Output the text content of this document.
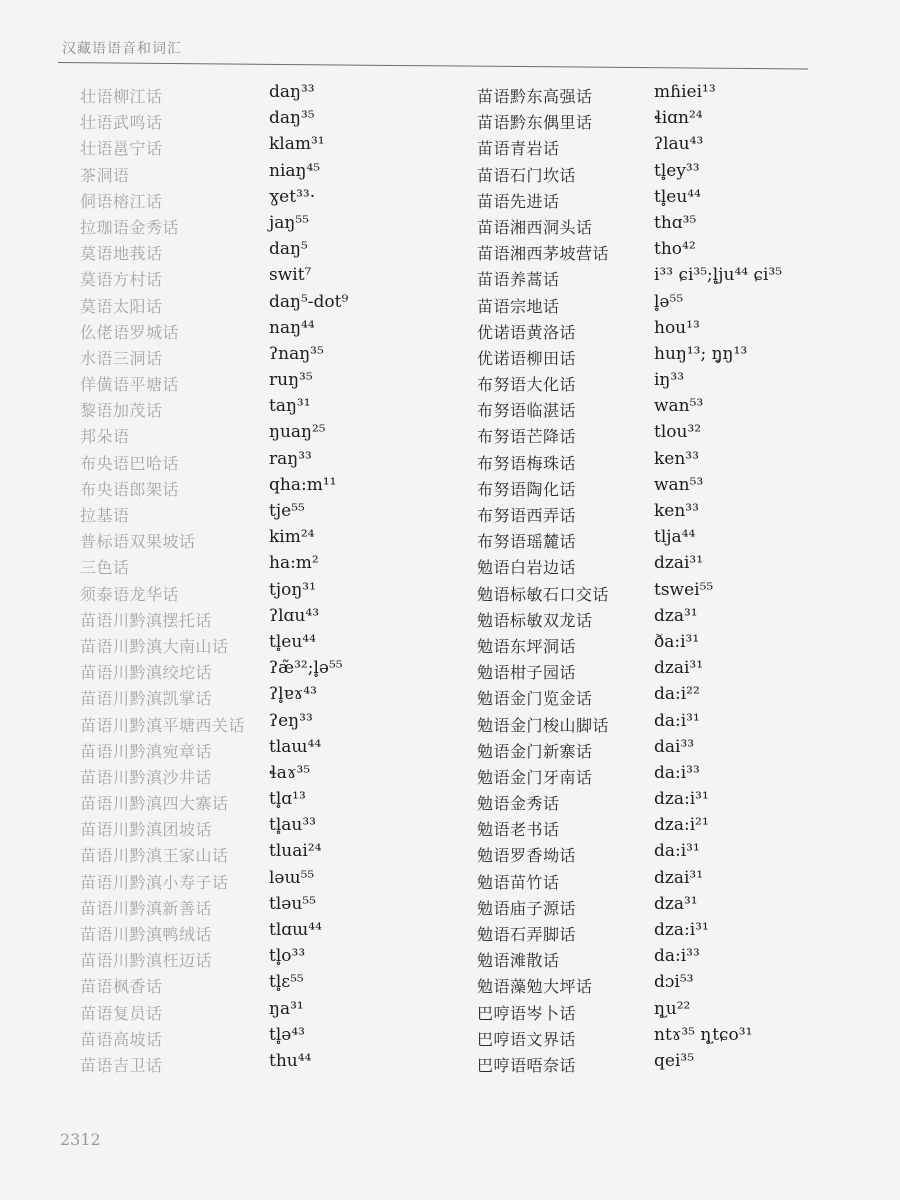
汉藏语语音和词汇
壮语柳江话	daŋ³³
壮语武鸣话	daŋ³⁵
壮语邕宁话	klam³¹
茶洞语	niaŋ⁴⁵
侗语榕江话	ɣet³³·
拉珈语金秀话	jaŋ⁵⁵
莫语地莪话	daŋ⁵
莫语方村话	swit⁷
莫语太阳话	daŋ⁵-dot⁹
仫佬语罗城话	naŋ⁴⁴
水语三洞话	ʔnaŋ³⁵
佯僙语平塘话	ruŋ³⁵
黎语加茂话	taŋ³¹
邦朵语	ŋuaŋ²⁵
布央语巴哈话	raŋ³³
布央语郎架话	qha:m¹¹
拉基语	tje⁵⁵
普标语双果坡话	kim²⁴
三色话	ha:m²
须泰语龙华话	tjoŋ³¹
苗语川黔滇摆托话	ʔlɑu⁴³
苗语川黔滇大南山话 tl̥eu⁴⁴
苗语川黔滇绞坨话	ʔæ̃³²;l̥ə⁵⁵
苗语川黔滇凯掌话	ʔl̥ɐɤ⁴³
苗语川黔滇平塘西关话 ʔeŋ³³
苗语川黔滇宛章话	tlaɯ⁴⁴
苗语川黔滇沙井话	ɬaɤ³⁵
苗语川黔滇四大寨话 tl̥ɑ¹³
苗语川黔滇团坡话	tl̥au³³
苗语川黔滇王家山话 tluai²⁴
苗语川黔滇小寿子话 ləɯ⁵⁵
苗语川黔滇新善话	tləu⁵⁵
苗语川黔滇鸭绒话	tlɑɯ⁴⁴
苗语川黔滇枉迈话	tl̥o³³
苗语枫香话	tl̥ɛ⁵⁵
苗语复员话	ŋa³¹
苗语高坡话	tl̥ə⁴³
苗语吉卫话	thu⁴⁴
苗语黔东高强话	mɦiei¹³
苗语黔东偶里话	ɬiɑn²⁴
苗语青岩话	ʔlau⁴³
苗语石门坎话	tl̥ey³³
苗语先进话	tl̥eu⁴⁴
苗语湘西洞头话	thɑ³⁵
苗语湘西茅坡营话	tho⁴²
苗语养蒿话	i³³ ɕi³⁵;l̥ju⁴⁴ ɕi³⁵
苗语宗地话	l̥ə⁵⁵
优诺语黄洛话	hou¹³
优诺语柳田话	huŋ¹³; ŋ̥ŋ¹³
布努语大化话	iŋ³³
布努语临湛话	wan⁵³
布努语芒降话	tlou³²
布努语梅珠话	ken³³
布努语陶化话	wan⁵³
布努语西弄话	ken³³
布努语瑶麓话	tlja⁴⁴
勉语白岩边话	dzai³¹
勉语标敏石口交话	tswei⁵⁵
勉语标敏双龙话	dza³¹
勉语东坪洞话	ða:i³¹
勉语柑子园话	dzai³¹
勉语金门览金话	da:i²²
勉语金门梭山脚话	da:i³¹
勉语金门新寨话	dai³³
勉语金门牙南话	da:i³³
勉语金秀话	dza:i³¹
勉语老书话	dza:i²¹
勉语罗香坳话	da:i³¹
勉语苗竹话	dzai³¹
勉语庙子源话	dza³¹
勉语石弄脚话	dza:i³¹
勉语滩散话	da:i³³
勉语藻勉大坪话	dɔi⁵³
巴哼语岑卜话	ɳ̥u²²
巴哼语文界话	ntɤ³⁵ ɳ̥tɕo³¹
巴哼语唔奈话	qei³⁵
2312
